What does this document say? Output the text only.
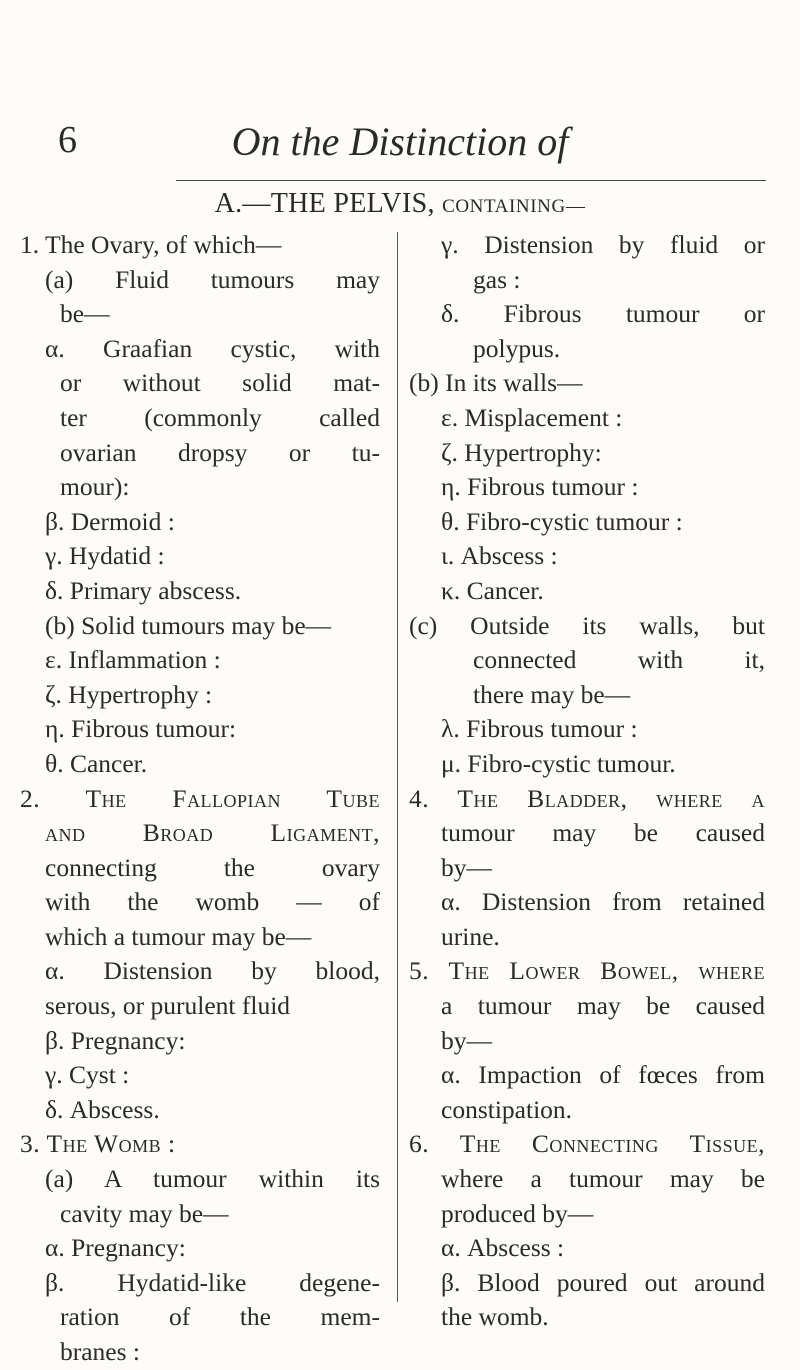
6	On the Distinction of
A.—THE PELVIS, CONTAINING—
1. The Ovary, of which—
(a) Fluid tumours may
be—
α. Graafian cystic, with
or without solid mat-
ter (commonly called
ovarian dropsy or tu-
mour):
β. Dermoid :
γ. Hydatid :
δ. Primary abscess.
(b) Solid tumours may be—
ε. Inflammation :
ζ. Hypertrophy :
η. Fibrous tumour:
θ. Cancer.
2. The Fallopian Tube
and Broad Ligament,
connecting the ovary
with the womb — of
which a tumour may be—
α. Distension by blood,
serous, or purulent fluid
β. Pregnancy:
γ. Cyst :
δ. Abscess.
3. The Womb :
(a) A tumour within its
cavity may be—
α. Pregnancy:
β. Hydatid-like degene-
ration of the mem-
branes :
γ. Distension by fluid or
gas :
δ. Fibrous tumour or
polypus.
(b) In its walls—
ε. Misplacement :
ζ. Hypertrophy:
η. Fibrous tumour :
θ. Fibro-cystic tumour :
ι. Abscess :
κ. Cancer.
(c) Outside its walls, but
connected with it,
there may be—
λ. Fibrous tumour :
μ. Fibro-cystic tumour.
4. The Bladder, where a
tumour may be caused
by—
α. Distension from retained
urine.
5. The Lower Bowel, where
a tumour may be caused
by—
α. Impaction of fœces from
constipation.
6. The Connecting Tissue,
where a tumour may be
produced by—
α. Abscess :
β. Blood poured out around
the womb.
